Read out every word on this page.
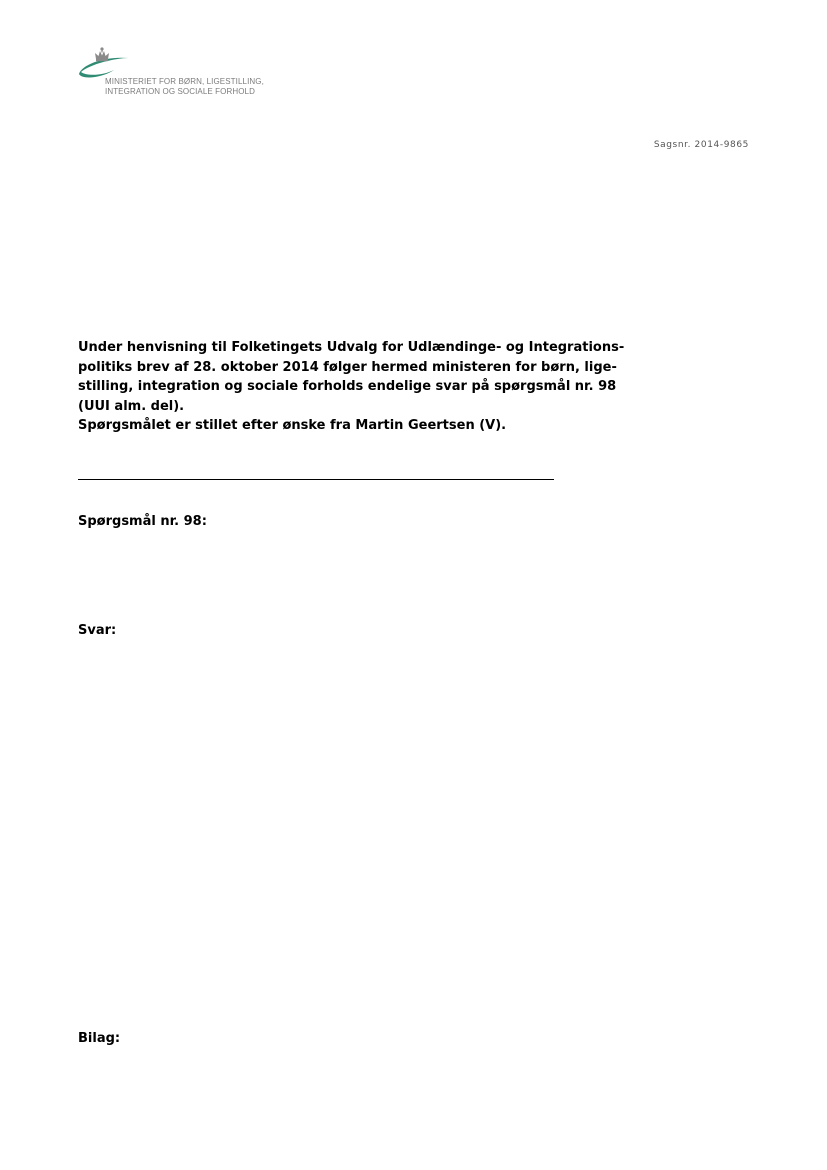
MINISTERIET FOR BØRN, LIGESTILLING,
INTEGRATION OG SOCIALE FORHOLD
Sagsnr. 2014-9865

Under henvisning til Folketingets Udvalg for Udlændinge- og Integrations-

politiks brev af 28. oktober 2014 følger hermed ministeren for børn, lige-

stilling, integration og sociale forholds endelige svar på spørgsmål nr. 98

(UUI alm. del).

Spørgsmålet er stillet efter ønske fra Martin Geertsen (V).

Spørgsmål nr. 98:
Svar:
Bilag:
